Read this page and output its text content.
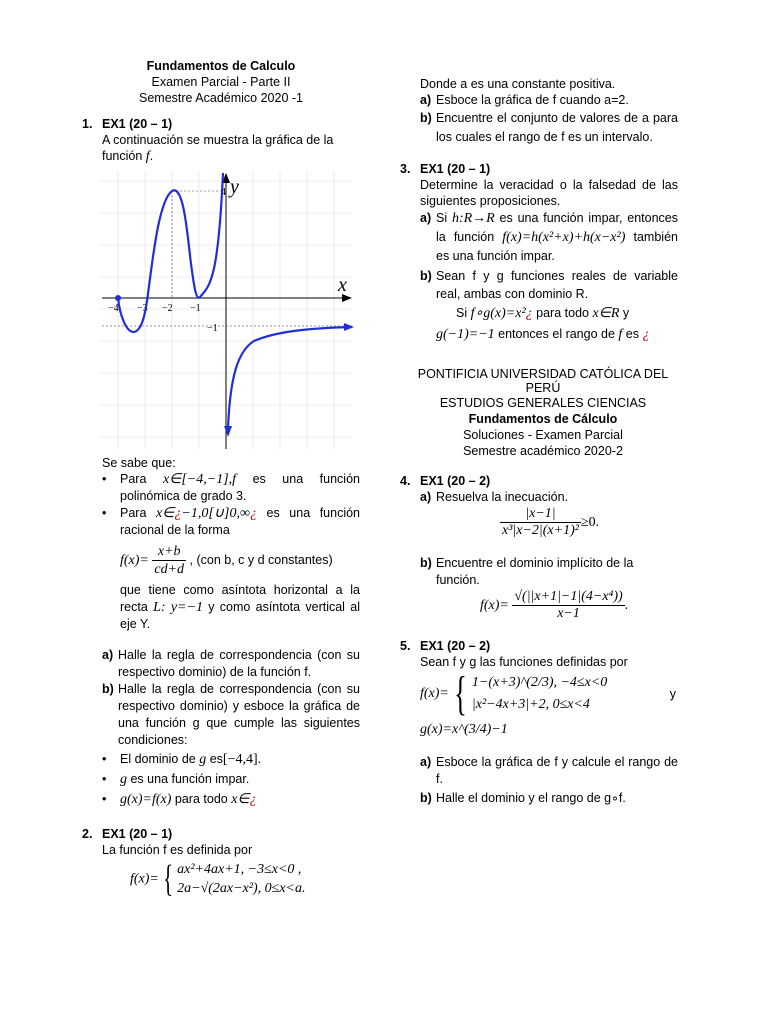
Fundamentos de Calculo
Examen Parcial - Parte II
Semestre Académico 2020 -1
1. EX1 (20 – 1)
A continuación se muestra la gráfica de la
función f.
x
y
−4 −3 −2 −1
4
−1
Se sabe que:
•	Para x∈[−4,−1],f es una función polinómica de grado 3.
•	Para x∈¿−1,0[∪]0,∞¿ es una función racional de la forma
$f(x)= \frac{x+b}{cd+d}$ , (con b, c y d constantes)
que tiene como asíntota horizontal a la recta L: y=−1 y como asíntota vertical al eje Y.
a) Halle la regla de correspondencia (con su respectivo dominio) de la función f.
b) Halle la regla de correspondencia (con su respectivo dominio) y esboce la gráfica de una función g que cumple las siguientes condiciones:
•	El dominio de g es[−4,4].
• g es una función impar.
• g(x)=f(x) para todo x∈¿
2. EX1 (20 – 1)
La función f es definida por
f(x)= { ax²+4ax+1, −3≤x<0 ,
2a−√(2ax−x²), 0≤x<a.
Donde a es una constante positiva.
a) Esboce la gráfica de f cuando a=2.
b) Encuentre el conjunto de valores de a para los cuales el rango de f es un intervalo.
3. EX1 (20 – 1)
Determine la veracidad o la falsedad de las siguientes proposiciones.
a) Si h:R→R es una función impar, entonces la función f(x)=h(x²+x)+h(x−x²) también es una función impar.
b) Sean f y g funciones reales de variable real, ambas con dominio R.
Si f∘g(x)=x²¿ para todo x∈R y
g(−1)=−1 entonces el rango de f es ¿
PONTIFICIA UNIVERSIDAD CATÓLICA DEL PERÚ
ESTUDIOS GENERALES CIENCIAS
Fundamentos de Cálculo
Soluciones - Examen Parcial
Semestre académico 2020-2
4. EX1 (20 – 2)
a) Resuelva la inecuación.
$\frac{|x-1|}{\text{x³|x−2|(x+1)²}} \ge 0$.
b) Encuentre el dominio implícito de la función.
$f(x)= \frac{\text{√(||x+1|−1|(4−x⁴))}}{x-1}$ .
5. EX1 (20 – 2)
Sean f y g las funciones definidas por
f(x)= { 1−(x+3)^(2/3), −4≤x<0
|x²−4x+3|+2, 0≤x<4
y
g(x)=x^(3/4)−1
a) Esboce la gráfica de f y calcule el rango de f.
b) Halle el dominio y el rango de g∘f.
